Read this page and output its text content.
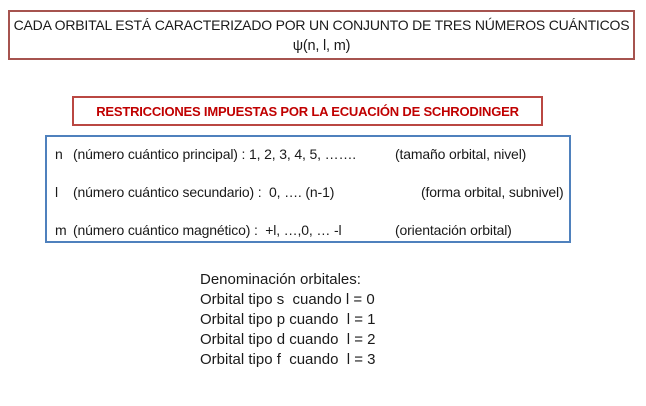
CADA ORBITAL ESTÁ CARACTERIZADO POR UN CONJUNTO DE TRES NÚMEROS CUÁNTICOS
ψ(n, l, m)
RESTRICCIONES IMPUESTAS POR LA ECUACIÓN DE SCHRODINGER
n (número cuántico principal) : 1, 2, 3, 4, 5, …….	(tamaño orbital, nivel)
l (número cuántico secundario) :  0, …. (n-1)	(forma orbital, subnivel)
m (número cuántico magnético) :  +l, …,0, … -l	(orientación orbital)
Denominación orbitales:
Orbital tipo s  cuando l = 0
Orbital tipo p cuando  l = 1
Orbital tipo d cuando  l = 2
Orbital tipo f  cuando  l = 3
